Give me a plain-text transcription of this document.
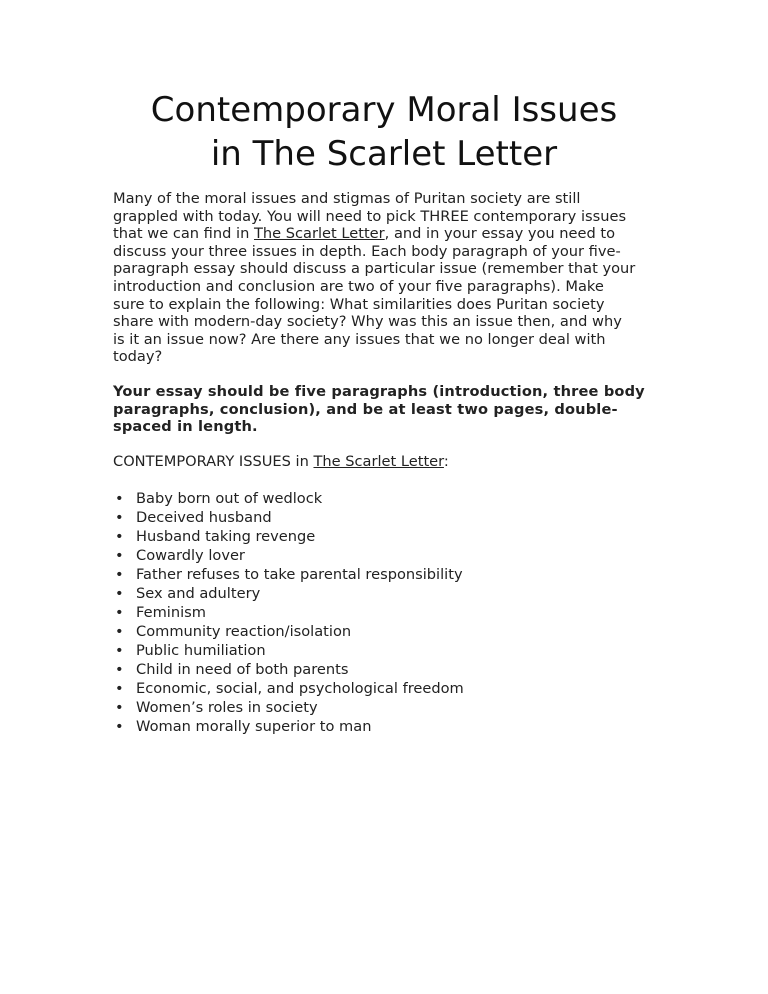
Contemporary Moral Issues
in The Scarlet Letter

Many of the moral issues and stigmas of Puritan society are still
grappled with today. You will need to pick THREE contemporary issues
that we can find in The Scarlet Letter, and in your essay you need to
discuss your three issues in depth. Each body paragraph of your five-
paragraph essay should discuss a particular issue (remember that your
introduction and conclusion are two of your five paragraphs). Make
sure to explain the following: What similarities does Puritan society
share with modern-day society? Why was this an issue then, and why
is it an issue now? Are there any issues that we no longer deal with
today?

Your essay should be five paragraphs (introduction, three body
paragraphs, conclusion), and be at least two pages, double-
spaced in length.

CONTEMPORARY ISSUES in The Scarlet Letter:

• Baby born out of wedlock
• Deceived husband
• Husband taking revenge
• Cowardly lover
• Father refuses to take parental responsibility
• Sex and adultery
• Feminism
• Community reaction/isolation
• Public humiliation
• Child in need of both parents
• Economic, social, and psychological freedom
• Women’s roles in society
• Woman morally superior to man
